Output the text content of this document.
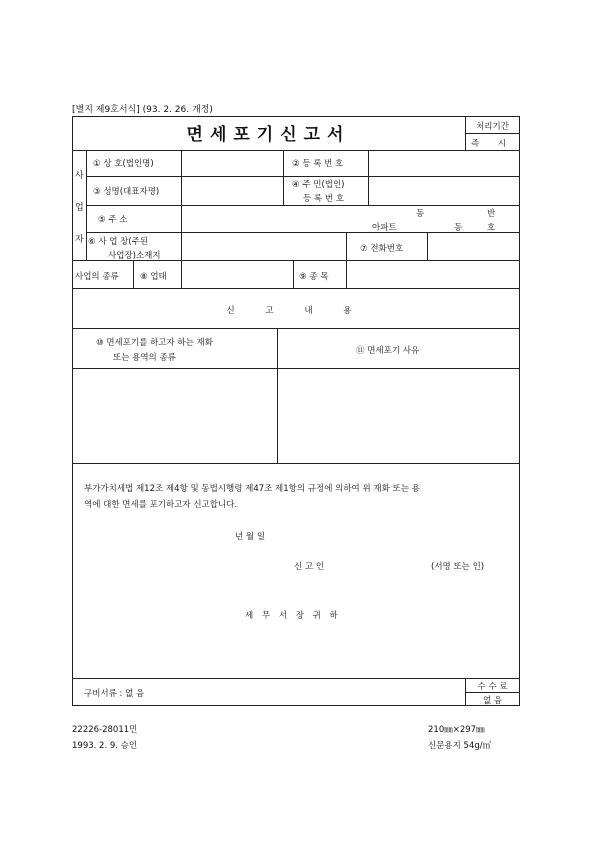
[별지 제9호서식] (93. 2. 26. 개정)
면세포기신고서	처리기간
즉 시
사
업
자
① 상 호(법인명)	② 등 록 번 호
③ 성명(대표자명)
④ 주 민(법인)
등 록 번 호
⑤ 주 소
동	반
아파트	동	호
⑥ 사 업 장(주된
사업장)소재지
⑦ 전화번호
사업의 종류 ⑧ 업태	⑨ 종 목
신 고 내 용
⑩ 면세포기를 하고자 하는 재화
또는 용역의 종류
⑪ 면세포기 사유
부가가치세법 제12조 제4항 및 동법시행령 제47조 제1항의 규정에 의하여 위 재화 또는 용
역에 대한 면세를 포기하고자 신고합니다.
년 월 일
신 고 인	(서명 또는 인)
세 무 서 장 귀 하
구비서류 : 없 음
수 수 료
없 음
22226-28011민
1993. 2. 9. 승인
210㎜×297㎜
신문용지 54g/㎡
